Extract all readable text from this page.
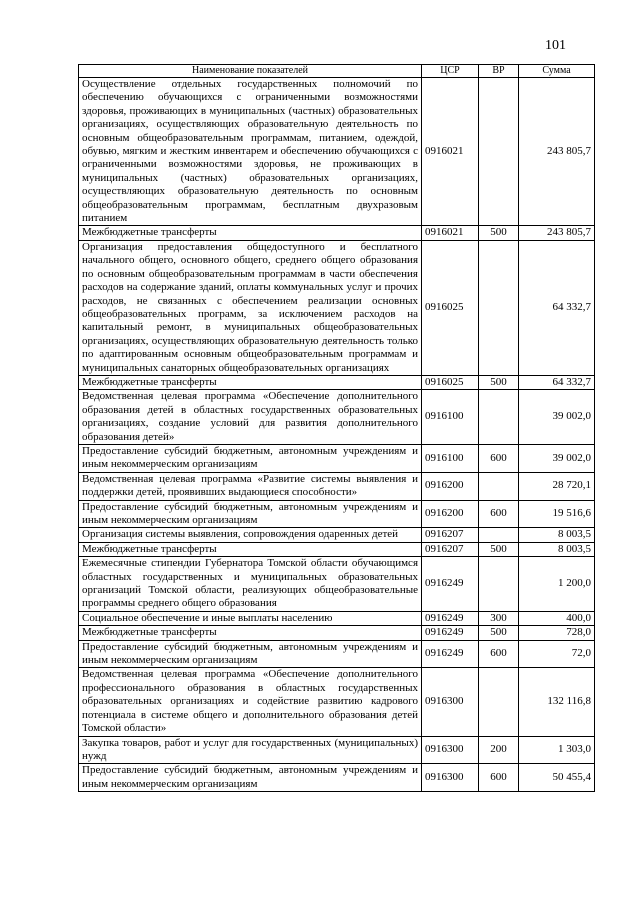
101
Наименование показателей	ЦСР	ВР	Сумма
Осуществление отдельных государственных полномочий по обеспечению обучающихся с ограниченными возможностями здоровья, проживающих в муниципальных (частных) образовательных организациях, осуществляющих образовательную деятельность по основным общеобразовательным программам, питанием, одеждой, обувью, мягким и жестким инвентарем и обеспечению обучающихся с ограниченными возможностями здоровья, не проживающих в муниципальных (частных) образовательных организациях, осуществляющих образовательную деятельность по основным общеобразовательным программам, бесплатным двухразовым питанием	0916021		243 805,7
Межбюджетные трансферты	0916021	500	243 805,7
Организация предоставления общедоступного и бесплатного начального общего, основного общего, среднего общего образования по основным общеобразовательным программам в части обеспечения расходов на содержание зданий, оплаты коммунальных услуг и прочих расходов, не связанных с обеспечением реализации основных общеобразовательных программ, за исключением расходов на капитальный ремонт, в муниципальных общеобразовательных организациях, осуществляющих образовательную деятельность только по адаптированным основным общеобразовательным программам и муниципальных санаторных общеобразовательных организациях	0916025		64 332,7
Межбюджетные трансферты	0916025	500	64 332,7
Ведомственная целевая программа «Обеспечение дополнительного образования детей в областных государственных образовательных организациях, создание условий для развития дополнительного образования детей»	0916100		39 002,0
Предоставление субсидий бюджетным, автономным учреждениям и иным некоммерческим организациям	0916100	600	39 002,0
Ведомственная целевая программа «Развитие системы выявления и поддержки детей, проявивших выдающиеся способности»	0916200		28 720,1
Предоставление субсидий бюджетным, автономным учреждениям и иным некоммерческим организациям	0916200	600	19 516,6
Организация системы выявления, сопровождения одаренных детей	0916207		8 003,5
Межбюджетные трансферты	0916207	500	8 003,5
Ежемесячные стипендии Губернатора Томской области обучающимся областных государственных и муниципальных образовательных организаций Томской области, реализующих общеобразовательные программы среднего общего образования	0916249		1 200,0
Социальное обеспечение и иные выплаты населению	0916249	300	400,0
Межбюджетные трансферты	0916249	500	728,0
Предоставление субсидий бюджетным, автономным учреждениям и иным некоммерческим организациям	0916249	600	72,0
Ведомственная целевая программа «Обеспечение дополнительного профессионального образования в областных государственных образовательных организациях и содействие развитию кадрового потенциала в системе общего и дополнительного образования детей Томской области»	0916300		132 116,8
Закупка товаров, работ и услуг для государственных (муниципальных) нужд	0916300	200	1 303,0
Предоставление субсидий бюджетным, автономным учреждениям и иным некоммерческим организациям	0916300	600	50 455,4
